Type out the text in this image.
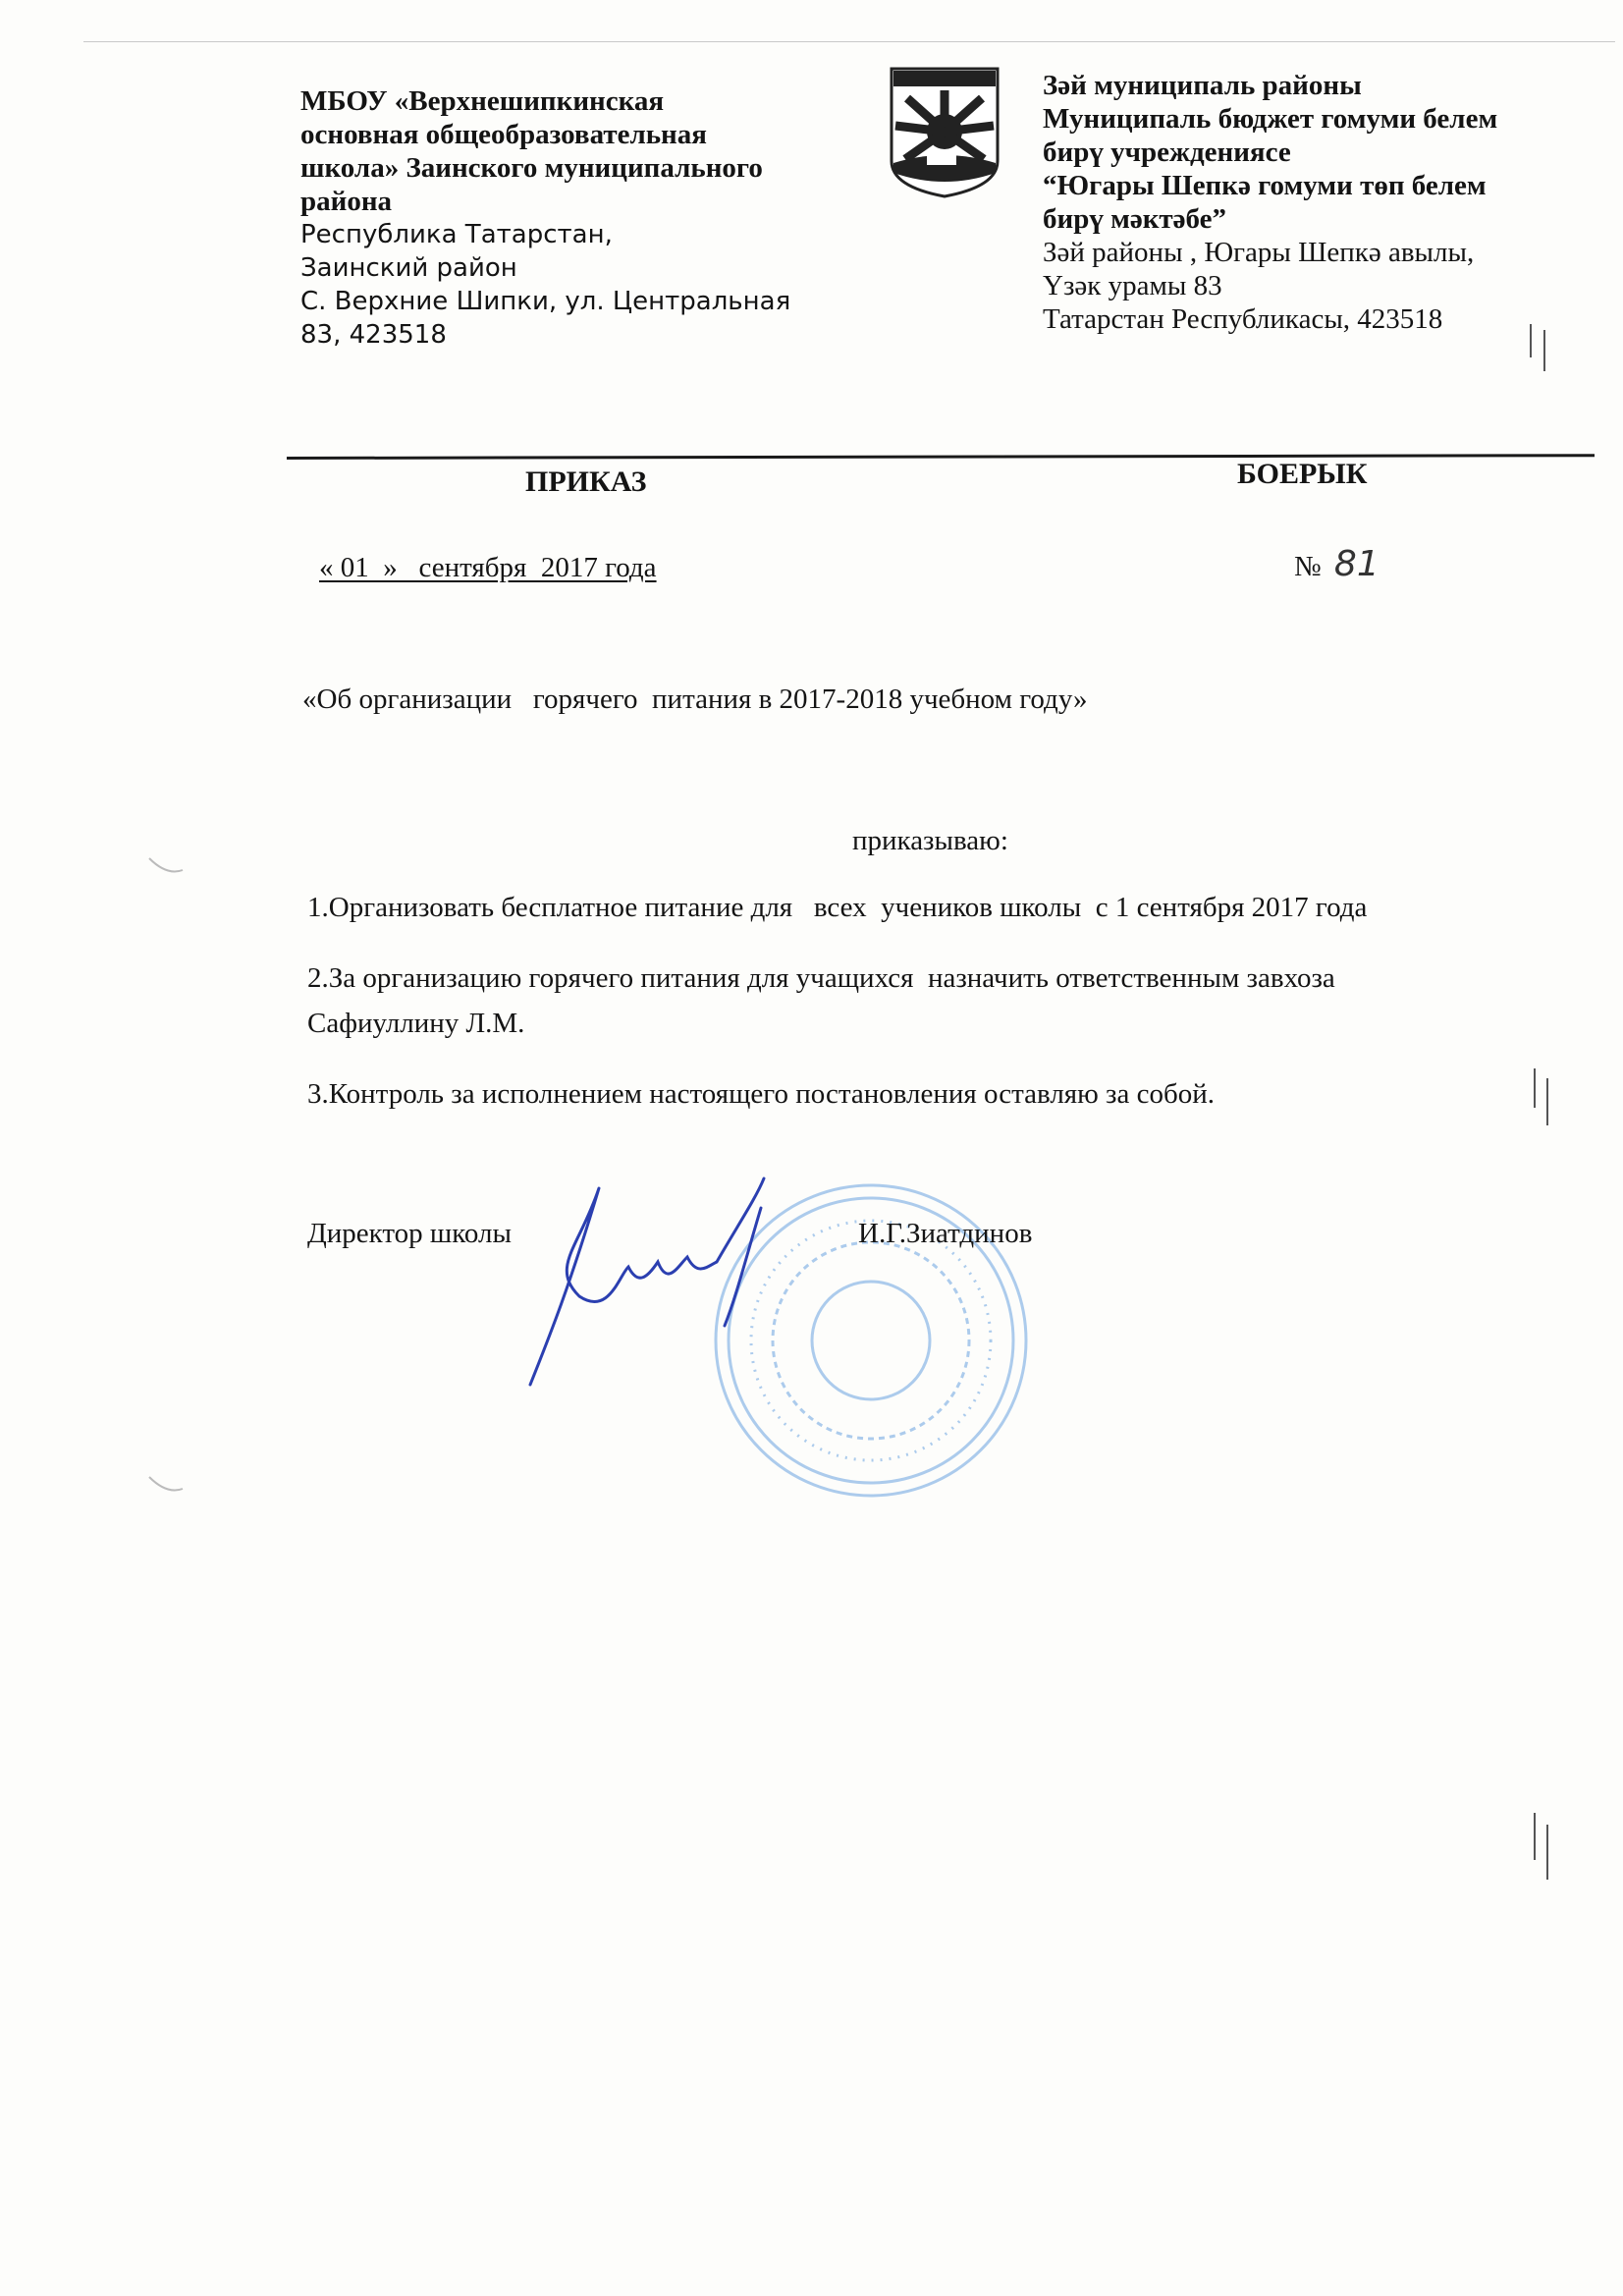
МБОУ «Верхнешипкинская
основная общеобразовательная
школа» Заинского муниципального
района
Республика Татарстан,
Заинский район
С. Верхние Шипки, ул. Центральная
83, 423518
Зәй муниципаль районы
Муниципаль бюджет гомуми белем
бирү учреждениясе
“Югары Шепкә гомуми төп белем
бирү мәктәбе”
Зәй районы , Югары Шепкә авылы,
Үзәк урамы 83
Татарстан Республикасы, 423518
ПРИКАЗ	БОЕРЫК
« 01  »   сентября  2017 года	№ 81
«Об организации   горячего  питания в 2017-2018 учебном году»
приказываю:
1.Организовать бесплатное питание для   всех  учеников школы  с 1 сентября 2017 года
2.За организацию горячего питания для учащихся  назначить ответственным завхоза
Сафиуллину Л.М.
3.Контроль за исполнением настоящего постановления оставляю за собой.
Директор школы	И.Г.Зиатдинов
